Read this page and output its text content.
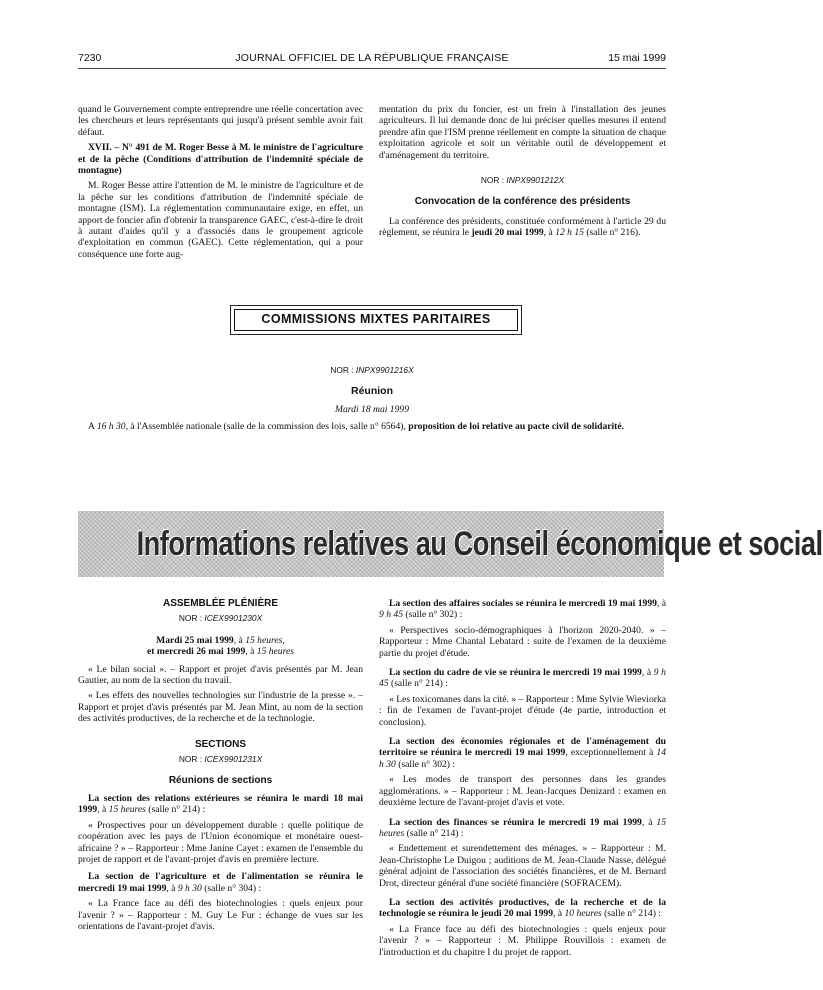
7230	JOURNAL OFFICIEL DE LA RÉPUBLIQUE FRANÇAISE	15 mai 1999

quand le Gouvernement compte entreprendre une réelle concertation avec les chercheurs et leurs représentants qui jusqu'à présent semble avoir fait défaut.

XVII. – N° 491 de M. Roger Besse à M. le ministre de l'agriculture et de la pêche (Conditions d'attribution de l'indemnité spéciale de montagne)

M. Roger Besse attire l'attention de M. le ministre de l'agriculture et de la pêche sur les conditions d'attribution de l'indemnité spéciale de montagne (ISM). La réglementation communautaire exige, en effet, un apport de foncier afin d'obtenir la transparence GAEC, c'est-à-dire le droit à autant d'aides qu'il y a d'associés dans le groupement agricole d'exploitation en commun (GAEC). Cette réglementation, qui a pour conséquence une forte aug-

mentation du prix du foncier, est un frein à l'installation des jeunes agriculteurs. Il lui demande donc de lui préciser quelles mesures il entend prendre afin que l'ISM prenne réellement en compte la situation de chaque exploitation agricole et soit un véritable outil de développement et d'aménagement du territoire.

NOR : INPX9901212X

Convocation de la conférence des présidents

La conférence des présidents, constituée conformément à l'article 29 du règlement, se réunira le jeudi 20 mai 1999, à 12 h 15 (salle n° 216).

COMMISSIONS MIXTES PARITAIRES

NOR : INPX9901216X

Réunion

Mardi 18 mai 1999

A 16 h 30, à l'Assemblée nationale (salle de la commission des lois, salle n° 6564), proposition de loi relative au pacte civil de solidarité.

Informations relatives au Conseil économique et social

ASSEMBLÉE PLÉNIÈRE

NOR : ICEX9901230X

Mardi 25 mai 1999, à 15 heures,

et mercredi 26 mai 1999, à 15 heures

« Le bilan social ». – Rapport et projet d'avis présentés par M. Jean Gautier, au nom de la section du travail.

« Les effets des nouvelles technologies sur l'industrie de la presse ». – Rapport et projet d'avis présentés par M. Jean Mint, au nom de la section des activités productives, de la recherche et de la technologie.

SECTIONS

NOR : ICEX9901231X

Réunions de sections

La section des relations extérieures se réunira le mardi 18 mai 1999, à 15 heures (salle n° 214) :

« Prospectives pour un développement durable : quelle politique de coopération avec les pays de l'Union économique et monétaire ouest-africaine ? » – Rapporteur : Mme Janine Cayet : examen de l'ensemble du projet de rapport et de l'avant-projet d'avis en première lecture.

La section de l'agriculture et de l'alimentation se réunira le mercredi 19 mai 1999, à 9 h 30 (salle n° 304) :

« La France face au défi des biotechnologies : quels enjeux pour l'avenir ? » – Rapporteur : M. Guy Le Fur : échange de vues sur les orientations de l'avant-projet d'avis.

La section des affaires sociales se réunira le mercredi 19 mai 1999, à 9 h 45 (salle n° 302) :

« Perspectives socio-démographiques à l'horizon 2020-2040. » – Rapporteur : Mme Chantal Lebatard : suite de l'examen de la deuxième partie du projet d'étude.

La section du cadre de vie se réunira le mercredi 19 mai 1999, à 9 h 45 (salle n° 214) :

« Les toxicomanes dans la cité. » – Rapporteur : Mme Sylvie Wieviorka : fin de l'examen de l'avant-projet d'étude (4e partie, introduction et conclusion).

La section des économies régionales et de l'aménagement du territoire se réunira le mercredi 19 mai 1999, exceptionnellement à 14 h 30 (salle n° 302) :

« Les modes de transport des personnes dans les grandes agglomérations. » – Rapporteur : M. Jean-Jacques Denizard : examen en deuxième lecture de l'avant-projet d'avis et vote.

La section des finances se réunira le mercredi 19 mai 1999, à 15 heures (salle n° 214) :

« Endettement et surendettement des ménages. » – Rapporteur : M. Jean-Christophe Le Duigou ; auditions de M. Jean-Claude Nasse, délégué général adjoint de l'association des sociétés financières, et de M. Bernard Drot, directeur général d'une société financière (SOFRACEM).

La section des activités productives, de la recherche et de la technologie se réunira le jeudi 20 mai 1999, à 10 heures (salle n° 214) :

« La France face au défi des biotechnologies : quels enjeux pour l'avenir ? » – Rapporteur : M. Philippe Rouvillois : examen de l'introduction et du chapitre I du projet de rapport.
